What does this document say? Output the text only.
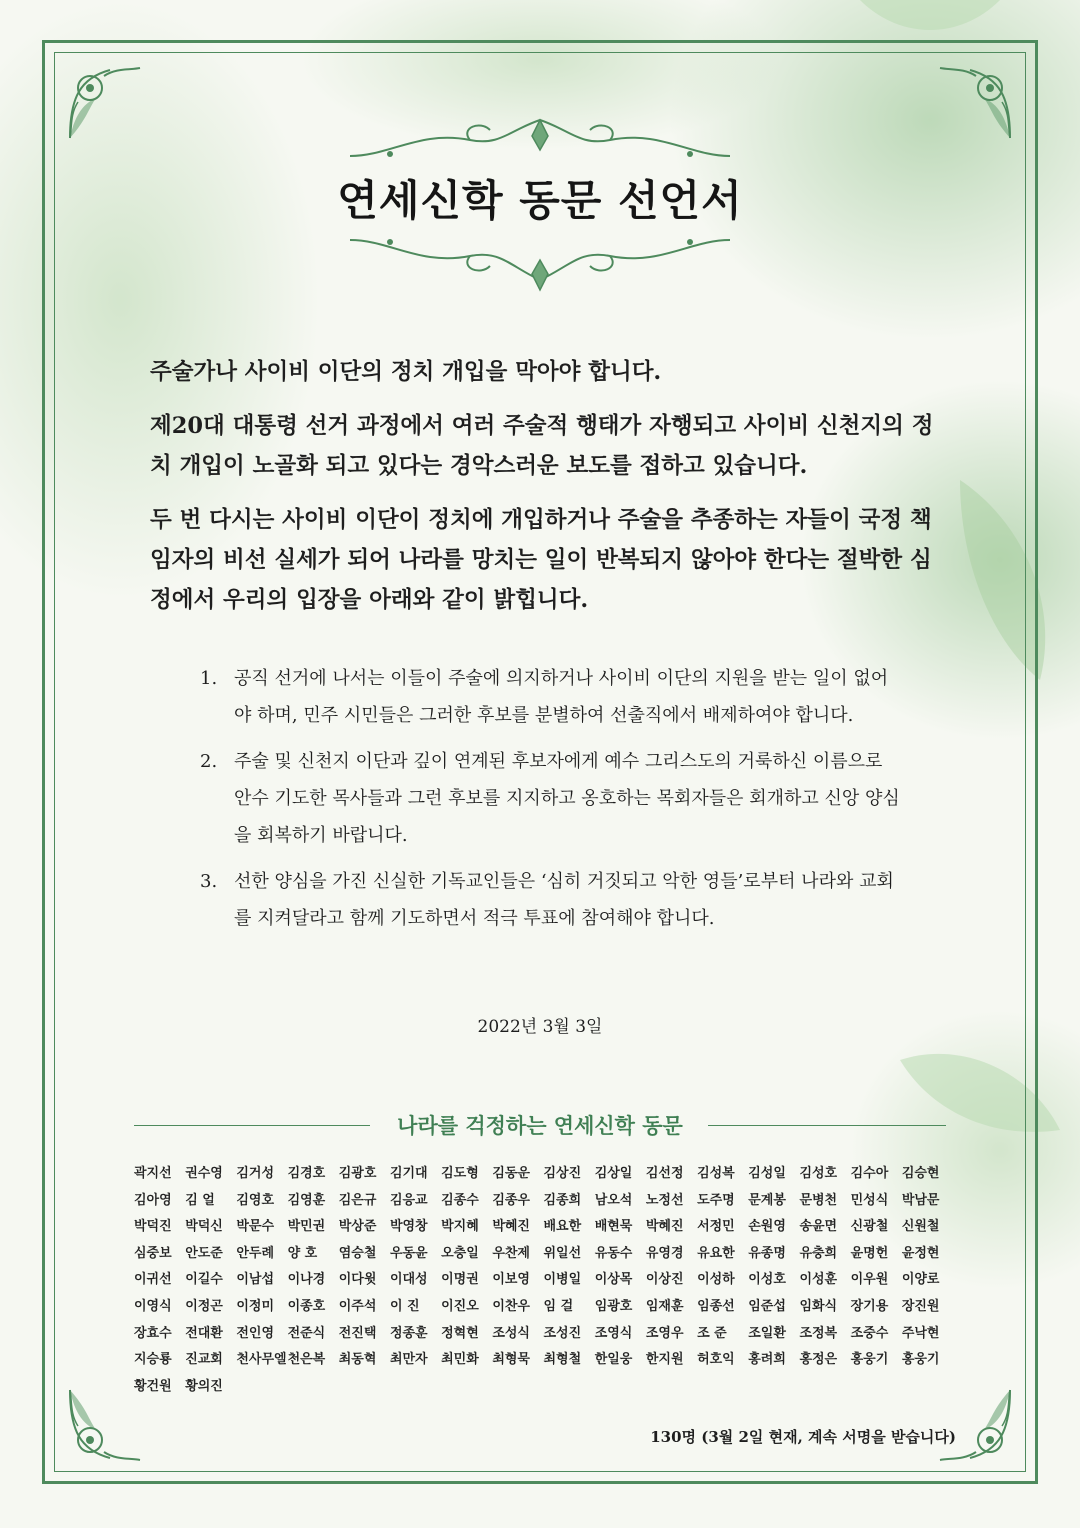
연세신학 동문 선언서

주술가나 사이비 이단의 정치 개입을 막아야 합니다.

제20대 대통령 선거 과정에서 여러 주술적 행태가 자행되고 사이비 신천지의 정치 개입이 노골화 되고 있다는 경악스러운 보도를 접하고 있습니다.

두 번 다시는 사이비 이단이 정치에 개입하거나 주술을 추종하는 자들이 국정 책임자의 비선 실세가 되어 나라를 망치는 일이 반복되지 않아야 한다는 절박한 심정에서 우리의 입장을 아래와 같이 밝힙니다.

1. 공직 선거에 나서는 이들이 주술에 의지하거나 사이비 이단의 지원을 받는 일이 없어야 하며, 민주 시민들은 그러한 후보를 분별하여 선출직에서 배제하여야 합니다.
2. 주술 및 신천지 이단과 깊이 연계된 후보자에게 예수 그리스도의 거룩하신 이름으로 안수 기도한 목사들과 그런 후보를 지지하고 옹호하는 목회자들은 회개하고 신앙 양심을 회복하기 바랍니다.
3. 선한 양심을 가진 신실한 기독교인들은 ‘심히 거짓되고 악한 영들’로부터 나라와 교회를 지켜달라고 함께 기도하면서 적극 투표에 참여해야 합니다.
2022년 3월 3일
나라를 걱정하는 연세신학 동문
곽지선	권수영	김거성	김경호	김광호	김기대	김도형	김동운	김상진	김상일	김선정	김성복	김성일	김성호	김수아	김승현
김아영	김 얼	김영호	김영훈	김은규	김응교	김종수	김종우	김종희	남오석	노정선	도주명	문계봉	문병천	민성식	박남문
박덕진	박덕신	박문수	박민권	박상준	박영창	박지혜	박혜진	배요한	배현묵	박혜진	서정민	손원영	송윤면	신광철	신원철
심중보	안도준	안두례	양 호	염승철	우동윤	오충일	우찬제	위일선	유동수	유영경	유요한	유종명	유충희	윤명헌	윤정현
이귀선	이길수	이남섭	이나경	이다윗	이대성	이명권	이보영	이병일	이상목	이상진	이성하	이성호	이성훈	이우원	이양로
이영식	이정곤	이정미	이종호	이주석	이 진	이진오	이찬우	임 걸	임광호	임재훈	임종선	임준섭	임화식	장기용	장진원
장효수	전대환	전인영	전준식	전진택	정종훈	정혁현	조성식	조성진	조영식	조영우	조 준	조일환	조정복	조중수	주낙현
지승룡	진교회	천사무엘 천은복	최동혁	최만자	최민화	최형묵	최형철	한일웅	한지원	허호익	홍려희	홍정은	홍웅기	홍웅기
황건원	황의진
130명 (3월 2일 현재, 계속 서명을 받습니다)
